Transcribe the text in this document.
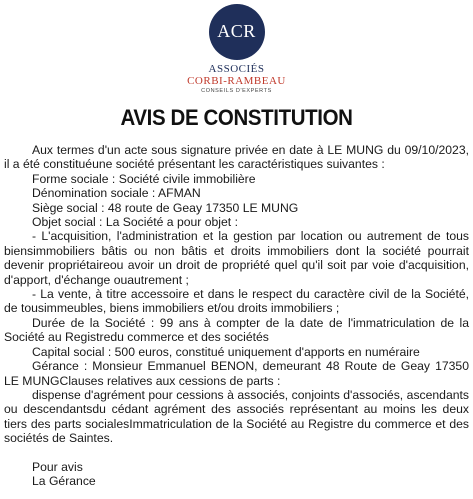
ACR
ASSOCIÉS
CORBI-RAMBEAU
CONSEILS D'EXPERTS
AVIS DE CONSTITUTION

Aux termes d'un acte sous signature privée en date à LE MUNG du 09/10/2023, il a été constituéune société présentant les caractéristiques suivantes :

Forme sociale : Société civile immobilière

Dénomination sociale : AFMAN

Siège social : 48 route de Geay 17350 LE MUNG

Objet social : La Société a pour objet :

- L'acquisition, l'administration et la gestion par location ou autrement de tous biensimmobiliers bâtis ou non bâtis et droits immobiliers dont la société pourrait devenir propriétaireou avoir un droit de propriété quel qu'il soit par voie d'acquisition, d'apport, d'échange ouautrement ;

- La vente, à titre accessoire et dans le respect du caractère civil de la Société, de tousimmeubles, biens immobiliers et/ou droits immobiliers ;

Durée de la Société : 99 ans à compter de la date de l'immatriculation de la Société au Registredu commerce et des sociétés

Capital social : 500 euros, constitué uniquement d'apports en numéraire

Gérance : Monsieur Emmanuel BENON, demeurant 48 Route de Geay 17350 LE MUNGClauses relatives aux cessions de parts :

dispense d'agrément pour cessions à associés, conjoints d'associés, ascendants ou descendantsdu cédant agrément des associés représentant au moins les deux tiers des parts socialesImmatriculation de la Société au Registre du commerce et des sociétés de Saintes.

Pour avis

La Gérance
